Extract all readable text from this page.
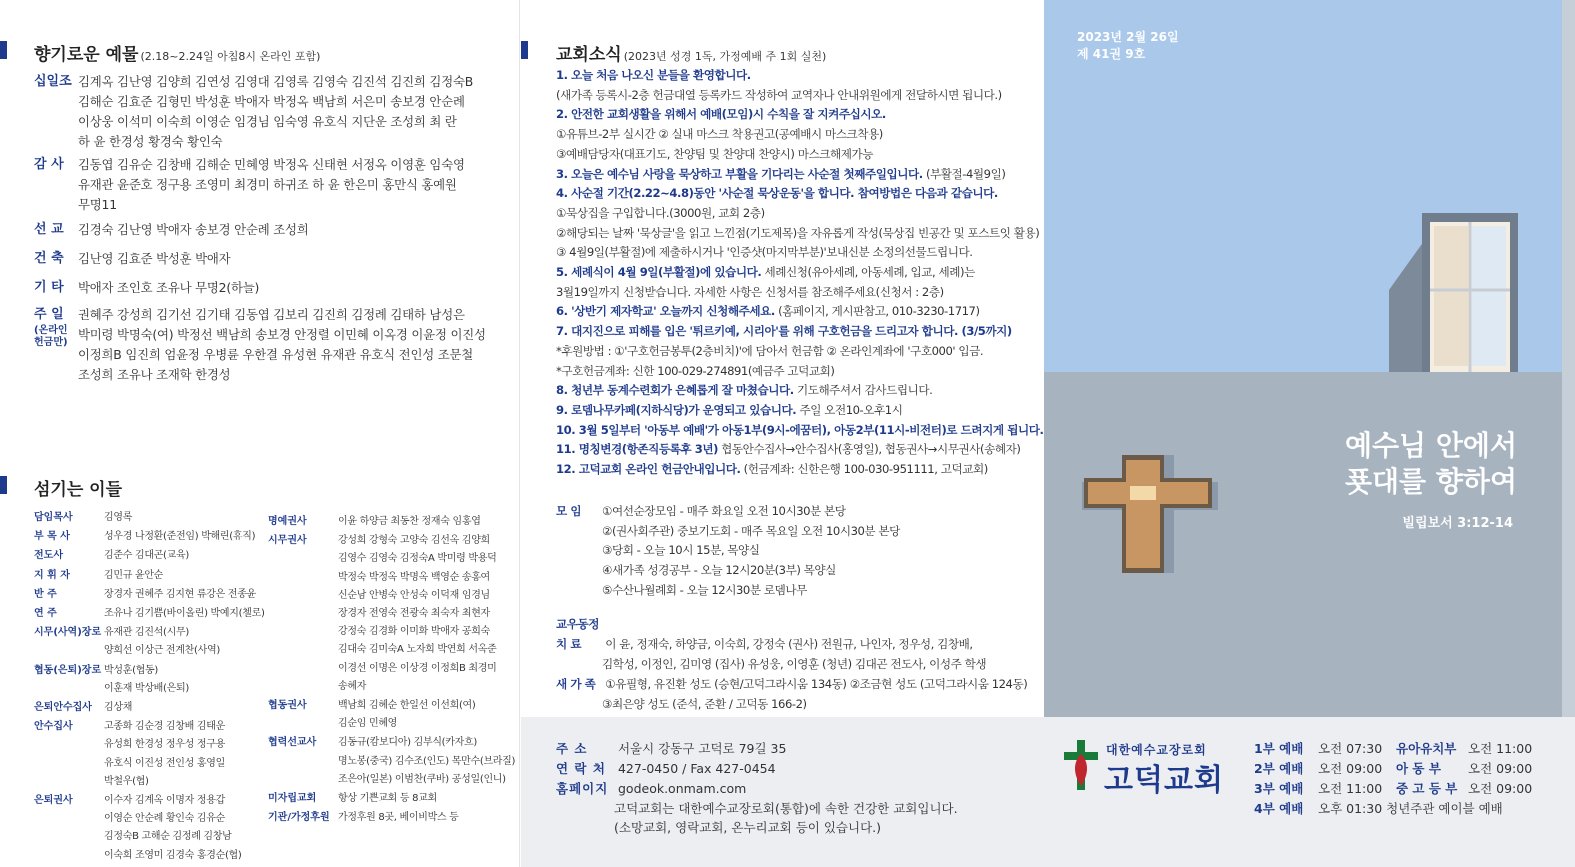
향기로운 예물 (2.18~2.24일 아침8시 온라인 포함)
십일조 김계옥 김난영 김양희 김연성 김영대 김영록 김영숙 김진석 김진희 김정숙B
김해순 김효준 김형민 박성훈 박애자 박정옥 백남희 서은미 송보경 안순례
이상웅 이석미 이숙희 이영순 임경님 임숙영 유호식 지단운 조성희 최 란
하 윤 한경성 황경숙 황인숙
감 사	김동엽 김유순 김창배 김해순 민혜영 박정옥 신태현 서정옥 이영훈 임숙영
유재관 윤준호 정구용 조영미 최경미 하귀조 하 윤 한은미 홍만식 홍예원
무명11
선 교	김경숙 김난영 박애자 송보경 안순례 조성희
건 축	김난영 김효준 박성훈 박애자
기 타	박애자 조인호 조유나 무명2(하늘)
주 일
(온라인
헌금만)
권혜주 강성희 김기선 김기태 김동엽 김보리 김진희 김정례 김태하 남성은
박미령 박명숙(여) 박정선 백남희 송보경 안정렬 이민혜 이옥경 이윤정 이진성
이정희B 임진희 엄윤정 우병륜 우한결 유성현 유재관 유호식 전인성 조문철
조성희 조유나 조재학 한경성
섬기는 이들
담임목사	김영록
부 목 사	성우경 나정환(준전임) 박해린(휴직)
전도사	김준수 김대곤(교육)
지 휘 자	김민규 윤안순
반 주	장경자 권혜주 김지현 류강은 전종윤
연 주	조유나 김기쁨(바이올린) 박예지(첼로)
시무(사역)장로 유재관 김진석(시무)
양희선 이상근 전계찬(사역)
협동(은퇴)장로 박성훈(협동)
이훈재 박상배(은퇴)
은퇴안수집사	김상채
안수집사	고종화 김순경 김창배 김태운
유성희 한경성 정우성 정구용
유호식 이진성 전인성 홍영일
박철우(협)
은퇴권사	이수자 김계옥 이명자 정용갑
이영순 안순례 황인숙 김유순
김정숙B 고해순 김정례 김창남
이숙희 조영미 김경숙 홍경순(협)
명예권사	이윤 하양금 최동찬 정재숙 임홍엽
시무권사	강성희 강형숙 고양숙 김선옥 김양희
김영수 김영숙 김정숙A 박미령 박용덕
박정숙 박정옥 박명옥 백영순 송홍여
신순남 안병숙 안성숙 이덕재 임경님
장경자 전영숙 전광숙 최숙자 최현자
강정숙 김경화 이미화 박애자 공희숙
김대숙 김미숙A 노자희 박연희 서옥준
이경선 이명은 이상경 이정희B 최경미
송혜자
협동권사	백남희 김혜순 한일선 이선희(여)
김순임 민혜영
협력선교사	김동규(캄보디아) 김부식(카자흐)
명노봉(중국) 김수조(인도) 목만수(브라질)
조은아(일본) 이범찬(쿠바) 공성일(인니)
미자립교회	항상 기쁜교회 등 8교회
기관/가정후원 가정후원 8곳, 베이비박스 등
교회소식 (2023년 성경 1독, 가정예배 주 1회 실천)
1. 오늘 처음 나오신 분들을 환영합니다.
(새가족 등록시-2층 헌금대열 등록카드 작성하여 교역자나 안내위원에게 전달하시면 됩니다.)
2. 안전한 교회생활을 위해서 예배(모임)시 수칙을 잘 지켜주십시오.
①유튜브-2부 실시간 ② 실내 마스크 착용권고(공예배시 마스크착용)
③예배담당자(대표기도, 찬양팀 및 찬양대 찬양시) 마스크해제가능
3. 오늘은 예수님 사랑을 묵상하고 부활을 기다리는 사순절 첫째주일입니다. (부활절-4월9일)
4. 사순절 기간(2.22~4.8)동안 '사순절 묵상운동'을 합니다. 참여방법은 다음과 같습니다.
①묵상집을 구입합니다.(3000원, 교회 2층)
②해당되는 날짜 '묵상글'을 읽고 느낀점(기도제목)을 자유롭게 작성(묵상집 빈공간 및 포스트잇 활용)
③ 4월9일(부활절)에 제출하시거나 '인증샷(마지막부분)'보내신분 소정의선물드립니다.
5. 세례식이 4월 9일(부활절)에 있습니다. 세례신청(유아세례, 아동세례, 입교, 세례)는
3월19일까지 신청받습니다. 자세한 사항은 신청서를 참조해주세요(신청서 : 2층)
6. '상반기 제자학교' 오늘까지 신청해주세요. (홈페이지, 게시판참고, 010-3230-1717)
7. 대지진으로 피해를 입은 '튀르키예, 시리아'를 위해 구호헌금을 드리고자 합니다. (3/5까지)
*후원방법 : ①'구호헌금봉투(2층비치)'에 담아서 헌금함 ② 온라인계좌에 '구호000' 입금.
*구호헌금계좌: 신한 100-029-274891(예금주 고덕교회)
8. 청년부 동계수련회가 은혜롭게 잘 마쳤습니다. 기도해주셔서 감사드립니다.
9. 로뎀나무카페(지하식당)가 운영되고 있습니다. 주일 오전10-오후1시
10. 3월 5일부터 '아동부 예배'가 아동1부(9시-에꿈터), 아동2부(11시-비전터)로 드려지게 됩니다.
11. 명칭변경(항존직등록후 3년) 협동안수집사→안수집사(홍영일), 협동권사→시무권사(송혜자)
12. 고덕교회 온라인 헌금안내입니다. (헌금계좌: 신한은행 100-030-951111, 고덕교회)
모 임	①여선순장모임 - 매주 화요일 오전 10시30분 본당
②(권사회주관) 중보기도회 - 매주 목요일 오전 10시30분 본당
③당회 - 오늘 10시 15분, 목양실
④새가족 성경공부 - 오늘 12시20분(3부) 목양실
⑤수산나월례회 - 오늘 12시30분 로뎀나무
교우동정
치 료 이 윤, 정재숙, 하양금, 이숙희, 강정숙 (권사) 전원규, 나인자, 정우성, 김창배,
김학성, 이정인, 김미영 (집사) 유성웅, 이영훈 (청년) 김대곤 전도사, 이성주 학생
새 가 족 ①유필형, 유진환 성도 (승현/고덕그라시움 134동) ②조금현 성도 (고덕그라시움 124동)
③최은양 성도 (준석, 준환 / 고덕동 166-2)
2023년 2월 26일
제 41권 9호
예수님 안에서
푯대를 향하여
빌립보서 3:12-14
주 소 서울시 강동구 고덕로 79길 35
연 락 처 427-0450 / Fax 427-0454
홈페이지 godeok.onmam.com
고덕교회는 대한예수교장로회(통합)에 속한 건강한 교회입니다.
(소망교회, 영락교회, 온누리교회 등이 있습니다.)
대한예수교장로회
고덕교회
1부 예배 오전 07:30
2부 예배 오전 09:00
3부 예배 오전 11:00
4부 예배 오후 01:30 청년주관 예이블 예배
유아유치부 오전 11:00
아 동 부 오전 09:00
중 고 등 부 오전 09:00
